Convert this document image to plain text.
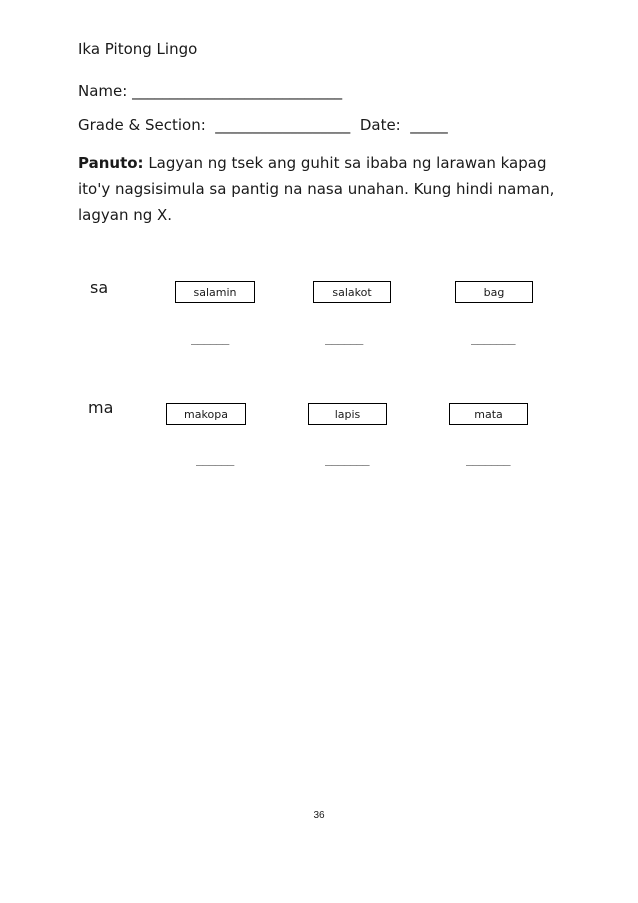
Ika Pitong Lingo
Name: ____________________________
Grade & Section:  __________________  Date:  _____
Panuto: Lagyan ng tsek ang guhit sa ibaba ng larawan kapag ito'y nagsisimula sa pantig na nasa unahan. Kung hindi naman, lagyan ng X.
sa	salamin	salakot	bag
______	______	_______
ma	makopa	lapis	mata
______	_______	_______
36
